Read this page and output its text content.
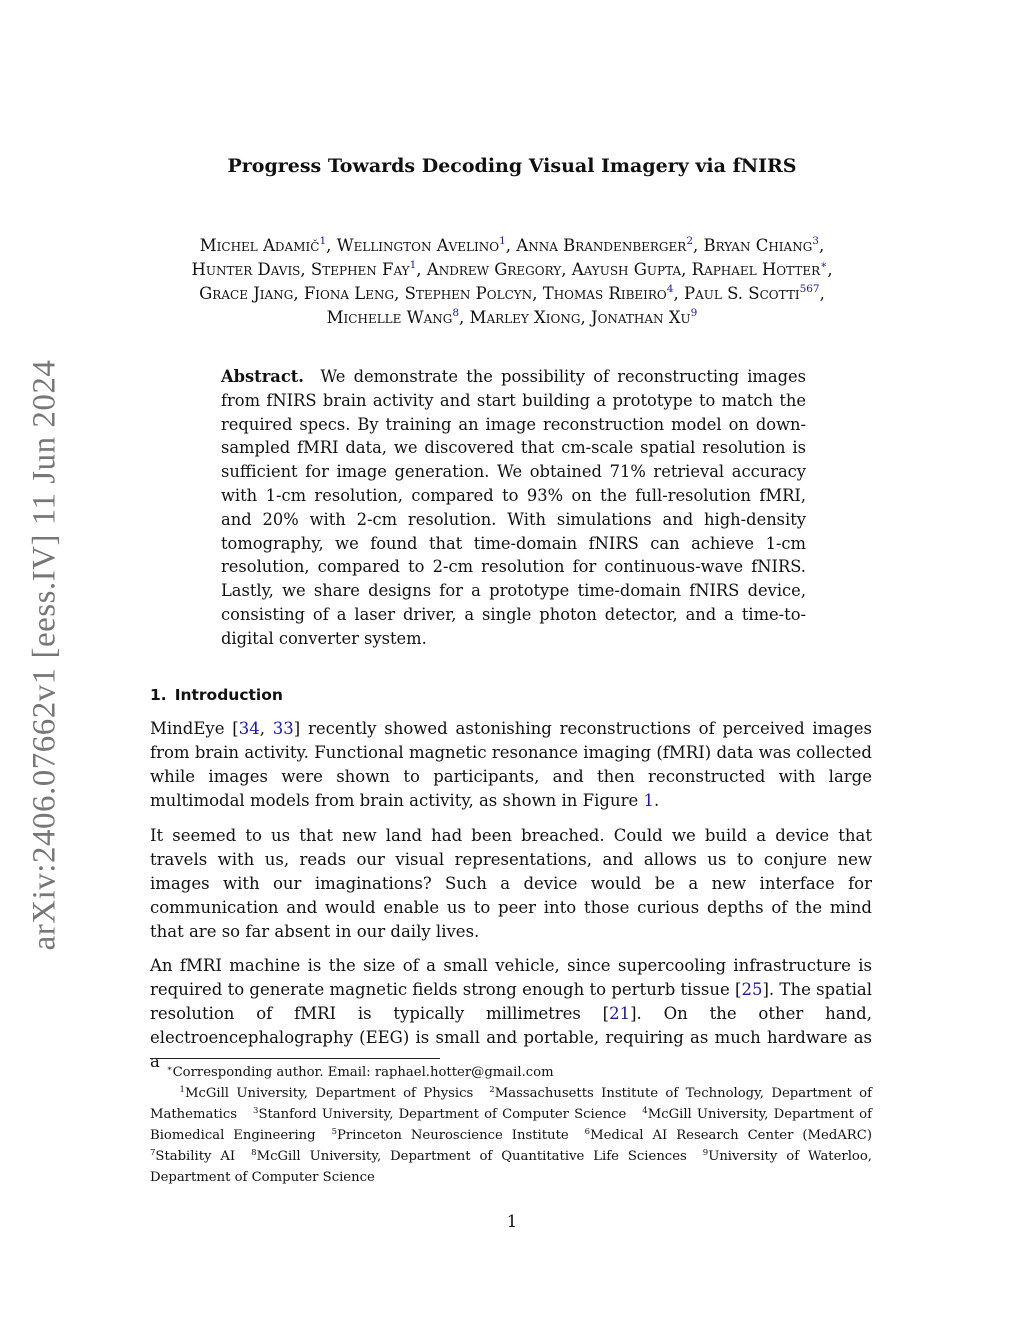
arXiv:2406.07662v1 [eess.IV] 11 Jun 2024
Progress Towards Decoding Visual Imagery via fNIRS
Michel Adamič$^1$, Wellington Avelino$^1$, Anna Brandenberger$^2$, Bryan Chiang$^3$,
Hunter Davis, Stephen Fay$^1$, Andrew Gregory, Aayush Gupta, Raphael Hotter∗,
Grace Jiang, Fiona Leng, Stephen Polcyn, Thomas Ribeiro$^4$, Paul S. Scotti$^{567}$,
Michelle Wang$^8$, Marley Xiong, Jonathan Xu$^9$

Abstract. We demonstrate the possibility of reconstructing images from fNIRS brain activity and start building a prototype to match the required specs. By training an image reconstruction model on down-sampled fMRI data, we discovered that cm-scale spatial resolution is sufficient for image generation. We obtained 71% retrieval accuracy with 1-cm resolution, compared to 93% on the full-resolution fMRI, and 20% with 2-cm resolution. With simulations and high-density tomography, we found that time-domain fNIRS can achieve 1-cm resolution, compared to 2-cm resolution for continuous-wave fNIRS. Lastly, we share designs for a prototype time-domain fNIRS device, consisting of a laser driver, a single photon detector, and a time-to-digital converter system.

1. Introduction

MindEye [34, 33] recently showed astonishing reconstructions of perceived images from brain activity. Functional magnetic resonance imaging (fMRI) data was collected while images were shown to participants, and then reconstructed with large multimodal models from brain activity, as shown in Figure 1.

It seemed to us that new land had been breached. Could we build a device that travels with us, reads our visual representations, and allows us to conjure new images with our imaginations? Such a device would be a new interface for communication and would enable us to peer into those curious depths of the mind that are so far absent in our daily lives.

An fMRI machine is the size of a small vehicle, since supercooling infrastructure is required to generate magnetic fields strong enough to perturb tissue [25]. The spatial resolution of fMRI is typically millimetres [21]. On the other hand, electroencephalography (EEG) is small and portable, requiring as much hardware as a ∗Corresponding author. Email: raphael.hotter@gmail.com
$^1$McGill University, Department of Physics $^2$Massachusetts Institute of Technology, Department of Mathematics $^3$Stanford University, Department of Computer Science $^4$McGill University, Department of Biomedical Engineering $^5$Princeton Neuroscience Institute $^6$Medical AI Research Center (MedARC) $^7$Stability AI $^8$McGill University, Department of Quantitative Life Sciences $^9$University of Waterloo, Department of Computer Science

1
